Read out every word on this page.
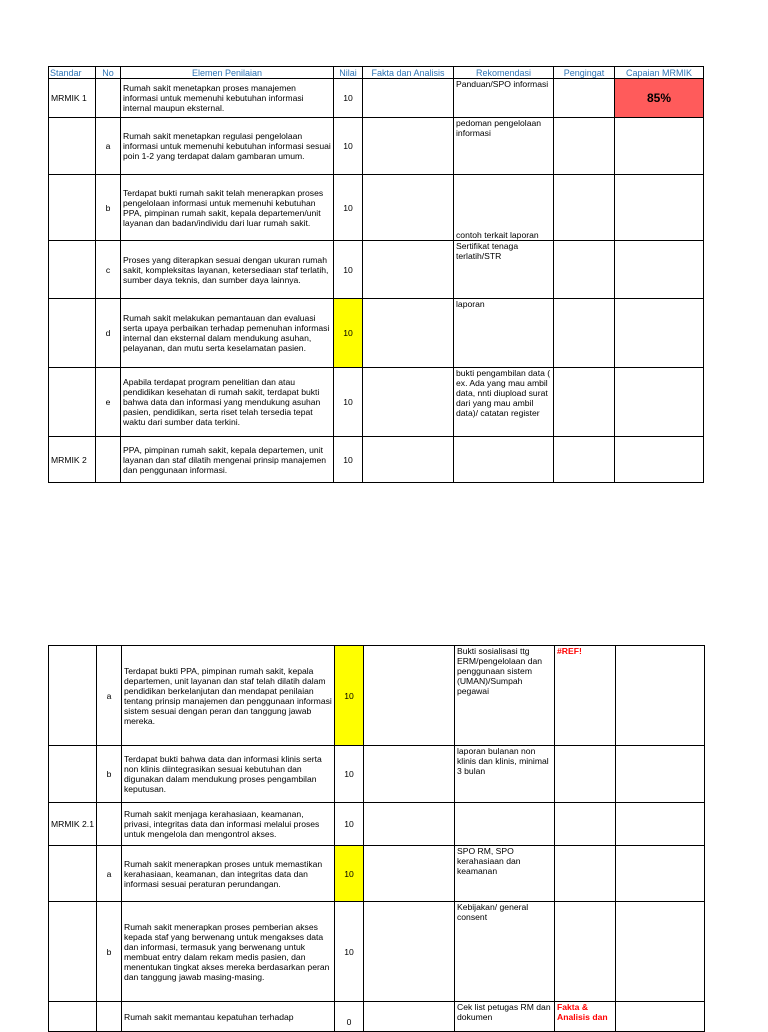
Standar	No	Elemen Penilaian	Nilai	Fakta dan Analisis	Rekomendasi	Pengingat	Capaian MRMIK
MRMIK 1		Rumah sakit menetapkan proses manajemen informasi untuk memenuhi kebutuhan informasi internal maupun eksternal.	10		Panduan/SPO informasi		85%
	a	Rumah sakit menetapkan regulasi pengelolaan informasi untuk memenuhi kebutuhan informasi sesuai poin 1-2 yang terdapat dalam gambaran umum.	10		pedoman pengelolaan informasi		
	b	Terdapat bukti rumah sakit telah menerapkan proses pengelolaan informasi untuk memenuhi kebutuhan PPA, pimpinan rumah sakit, kepala departemen/unit layanan dan badan/individu dari luar rumah sakit.	10		contoh terkait laporan		
	c	Proses yang diterapkan sesuai dengan ukuran rumah sakit, kompleksitas layanan, ketersediaan staf terlatih, sumber daya teknis, dan sumber daya lainnya.	10		Sertifikat tenaga terlatih/STR		
	d	Rumah sakit melakukan pemantauan dan evaluasi serta upaya perbaikan terhadap pemenuhan informasi internal dan eksternal dalam mendukung asuhan, pelayanan, dan mutu serta keselamatan pasien.	10		laporan		
	e	Apabila terdapat program penelitian dan atau pendidikan kesehatan di rumah sakit, terdapat bukti bahwa data dan informasi yang mendukung asuhan pasien, pendidikan, serta riset telah tersedia tepat waktu dari sumber data terkini.	10		bukti pengambilan data ( ex. Ada yang mau ambil data, nnti diupload surat dari yang mau ambil data)/ catatan register		
MRMIK 2		PPA, pimpinan rumah sakit, kepala departemen, unit layanan dan staf dilatih mengenai prinsip manajemen dan penggunaan informasi.	10				
	a	Terdapat bukti PPA, pimpinan rumah sakit, kepala departemen, unit layanan dan staf telah dilatih dalam pendidikan berkelanjutan dan mendapat penilaian tentang prinsip manajemen dan penggunaan informasi sistem sesuai dengan peran dan tanggung jawab mereka.	10		Bukti sosialisasi ttg ERM/pengelolaan dan penggunaan sistem (UMAN)/Sumpah pegawai	#REF!	
	b	Terdapat bukti bahwa data dan informasi klinis serta non klinis diintegrasikan sesuai kebutuhan dan digunakan dalam mendukung proses pengambilan keputusan.	10		laporan bulanan non klinis dan klinis, minimal 3 bulan		
MRMIK 2.1		Rumah sakit menjaga kerahasiaan, keamanan, privasi, integritas data dan informasi melalui proses untuk mengelola dan mengontrol akses.	10				
	a	Rumah sakit menerapkan proses untuk memastikan kerahasiaan, keamanan, dan integritas data dan informasi sesuai peraturan perundangan.	10		SPO RM, SPO kerahasiaan dan keamanan		
	b	Rumah sakit menerapkan proses pemberian akses kepada staf yang berwenang untuk mengakses data dan informasi, termasuk yang berwenang untuk membuat entry dalam rekam medis pasien, dan menentukan tingkat akses mereka berdasarkan peran dan tanggung jawab masing-masing.	10		Kebijakan/ general consent		
		Rumah sakit memantau kepatuhan terhadap	0		Cek list petugas RM dan dokumen	Fakta & Analisis dan	
